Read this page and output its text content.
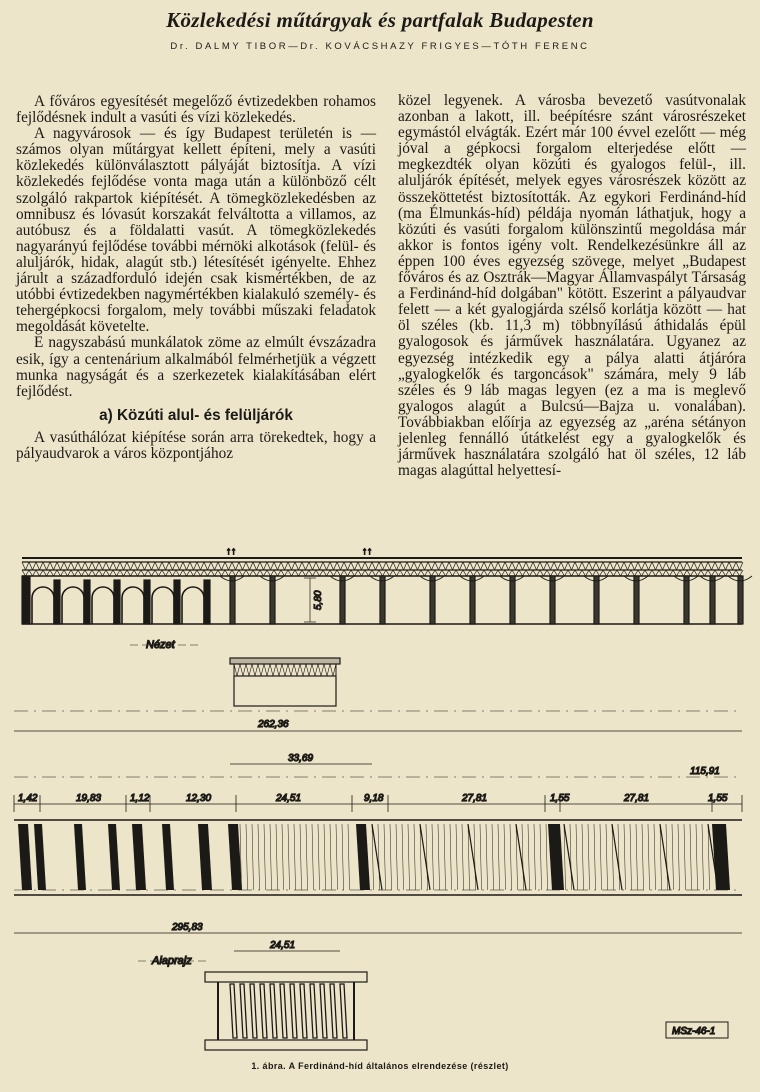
Közlekedési műtárgyak és partfalak Budapesten
Dr. DALMY TIBOR—Dr. KOVÁCSHAZY FRIGYES—TÓTH FERENC

A főváros egyesítését megelőző évtizedekben rohamos fejlődésnek indult a vasúti és vízi közlekedés.

A nagyvárosok — és így Budapest területén is — számos olyan műtárgyat kellett építeni, mely a vasúti közlekedés különválasztott pályáját biztosítja. A vízi közlekedés fejlődése vonta maga után a különböző célt szolgáló rakpartok kiépítését. A tömegközlekedésben az omnibusz és lóvasút korszakát felváltotta a villamos, az autóbusz és a földalatti vasút. A tömegközlekedés nagyarányú fejlődése további mérnöki alkotások (felül- és aluljárók, hidak, alagút stb.) létesítését igényelte. Ehhez járult a századforduló idején csak kismértékben, de az utóbbi évtizedekben nagymértékben kialakuló személy- és tehergépkocsi forgalom, mely további műszaki feladatok megoldását követelte.

E nagyszabású munkálatok zöme az elmúlt évszázadra esik, így a centenárium alkalmából felmérhetjük a végzett munka nagyságát és a szerkezetek kialakításában elért fejlődést.

a) Közúti alul- és felüljárók

A vasúthálózat kiépítése során arra törekedtek, hogy a pályaudvarok a város központjához

közel legyenek. A városba bevezető vasútvonalak azonban a lakott, ill. beépítésre szánt városrészeket egymástól elvágták. Ezért már 100 évvel ezelőtt — még jóval a gépkocsi forgalom elterjedése előtt — megkezdték olyan közúti és gyalogos felül-, ill. aluljárók építését, melyek egyes városrészek között az összeköttetést biztosították. Az egykori Ferdinánd-híd (ma Élmunkás-híd) példája nyomán láthatjuk, hogy a közúti és vasúti forgalom különszintű megoldása már akkor is fontos igény volt. Rendelkezésünkre áll az éppen 100 éves egyezség szövege, melyet „Budapest főváros és az Osztrák—Magyar Államvaspályt Társaság a Ferdinánd-híd dolgában" kötött. Eszerint a pályaudvar felett — a két gyalogjárda szélső korlátja között — hat öl széles (kb. 11,3 m) többnyílású áthidalás épül gyalogosok és járművek használatára. Ugyanez az egyezség intézkedik egy a pálya alatti átjáróra „gyalogkelők és targoncások" számára, mely 9 láb széles és 9 láb magas legyen (ez a ma is meglevő gyalogos alagút a Bulcsú—Bajza u. vonalában). Továbbiakban előírja az egyezség az „aréna sétányon jelenleg fennálló útátkelést egy a gyalogkelők és járművek használatára szolgáló hat öl széles, 12 láb magas alagúttal helyettesí-

5,80
↑↑	↑↑
Nézet
262,36
33,69
115,91
1,42	19,83	1,12	12,30	24,51	9,18	27,81	1,55	27,81	1,55
295,83
Alaprajz
24,51
MSz-46-1
1. ábra. A Ferdinánd-híd általános elrendezése (részlet)
